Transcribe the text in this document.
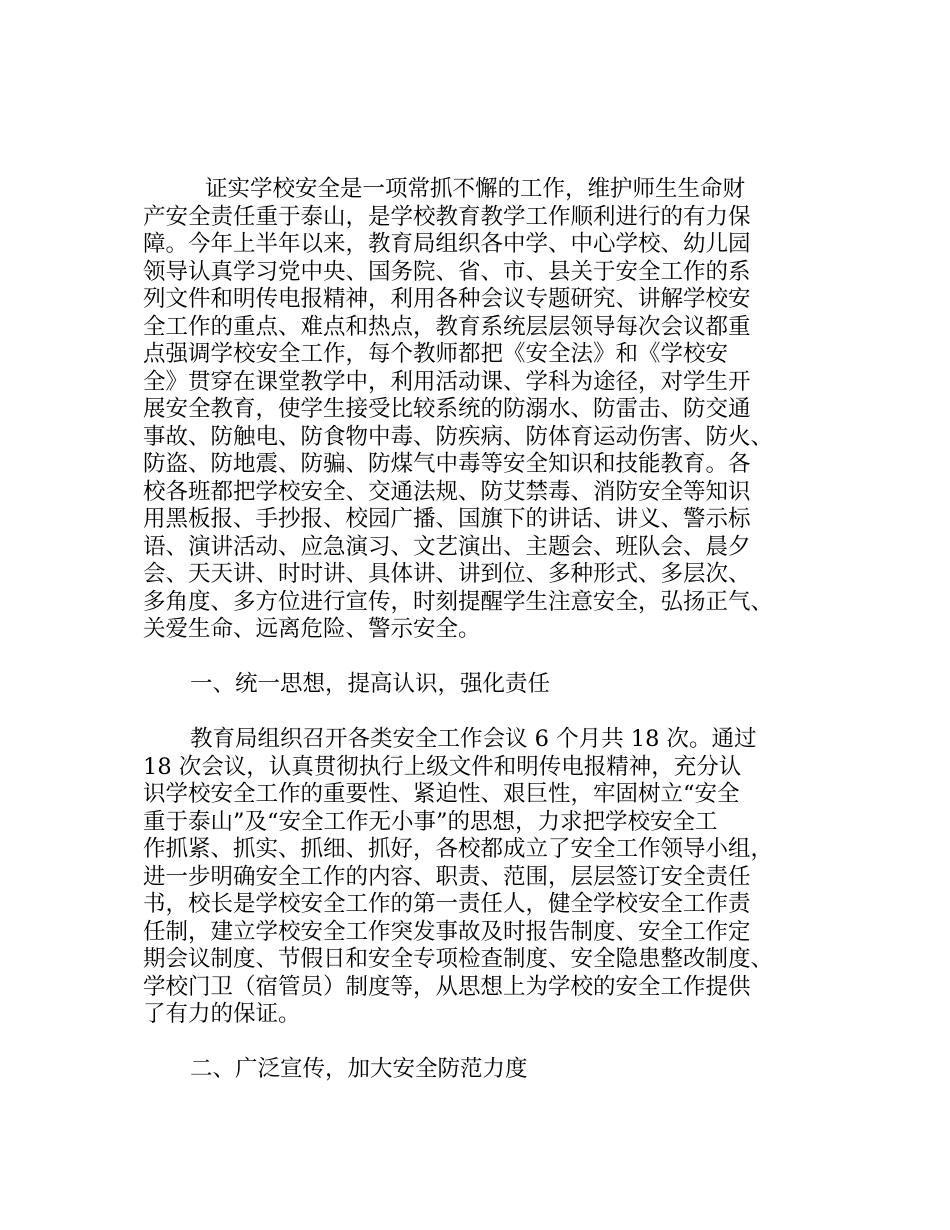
证实学校安全是一项常抓不懈的工作，维护师生生命财
产安全责任重于泰山，是学校教育教学工作顺利进行的有力保
障。今年上半年以来，教育局组织各中学、中心学校、幼儿园
领导认真学习党中央、国务院、省、市、县关于安全工作的系
列文件和明传电报精神，利用各种会议专题研究、讲解学校安
全工作的重点、难点和热点，教育系统层层领导每次会议都重
点强调学校安全工作，每个教师都把《安全法》和《学校安
全》贯穿在课堂教学中，利用活动课、学科为途径，对学生开
展安全教育，使学生接受比较系统的防溺水、防雷击、防交通
事故、防触电、防食物中毒、防疾病、防体育运动伤害、防火、
防盗、防地震、防骗、防煤气中毒等安全知识和技能教育。各
校各班都把学校安全、交通法规、防艾禁毒、消防安全等知识
用黑板报、手抄报、校园广播、国旗下的讲话、讲义、警示标
语、演讲活动、应急演习、文艺演出、主题会、班队会、晨夕
会、天天讲、时时讲、具体讲、讲到位、多种形式、多层次、
多角度、多方位进行宣传，时刻提醒学生注意安全，弘扬正气、
关爱生命、远离危险、警示安全。
一、统一思想，提高认识，强化责任
教育局组织召开各类安全工作会议 6 个月共 18 次。通过
18 次会议，认真贯彻执行上级文件和明传电报精神，充分认
识学校安全工作的重要性、紧迫性、艰巨性，牢固树立“安全
重于泰山”及“安全工作无小事”的思想，力求把学校安全工
作抓紧、抓实、抓细、抓好，各校都成立了安全工作领导小组，
进一步明确安全工作的内容、职责、范围，层层签订安全责任
书，校长是学校安全工作的第一责任人，健全学校安全工作责
任制，建立学校安全工作突发事故及时报告制度、安全工作定
期会议制度、节假日和安全专项检查制度、安全隐患整改制度、
学校门卫（宿管员）制度等，从思想上为学校的安全工作提供
了有力的保证。
二、广泛宣传，加大安全防范力度
